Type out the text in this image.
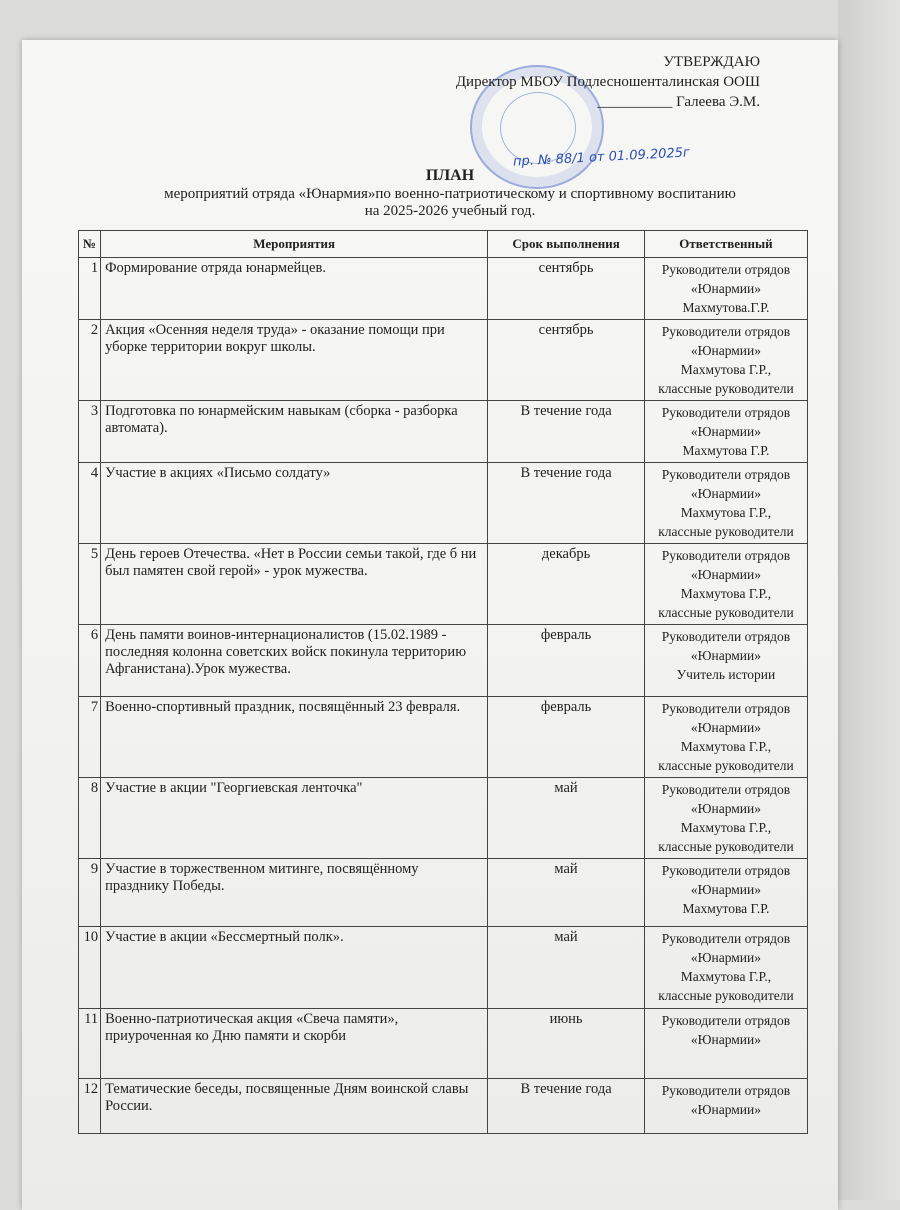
УТВЕРЖДАЮ
Директор МБОУ Подлесношенталинская ООШ
__________ Галеева Э.М.
пр. № 88/1 от 01.09.2025г
ПЛАН
мероприятий отряда «Юнармия»по военно-патриотическому и спортивному воспитанию
на 2025-2026 учебный год.
№	Мероприятия	Срок выполнения	Ответственный
1	Формирование отряда юнармейцев.	сентябрь	Руководители отрядов
«Юнармии»
Махмутова.Г.Р.

2	Акция «Осенняя неделя труда» - оказание помощи при уборке территории вокруг школы.	сентябрь	Руководители отрядов
«Юнармии»
Махмутова Г.Р.,
классные руководители

3	Подготовка по юнармейским навыкам (сборка - разборка автомата).	В течение года	Руководители отрядов
«Юнармии»
Махмутова Г.Р.

4	Участие в акциях «Письмо солдату»	В течение года	Руководители отрядов
«Юнармии»
Махмутова Г.Р.,
классные руководители

5	День героев Отечества. «Нет в России семьи такой, где б ни был памятен свой герой» - урок мужества.	декабрь	Руководители отрядов
«Юнармии»
Махмутова Г.Р.,
классные руководители

6	День памяти воинов-интернационалистов (15.02.1989 - последняя колонна советских войск покинула территорию Афганистана).Урок мужества.	февраль	Руководители отрядов
«Юнармии»
Учитель истории

7	Военно-спортивный праздник, посвящённый 23 февраля.	февраль	Руководители отрядов
«Юнармии»
Махмутова Г.Р.,
классные руководители

8	Участие в акции "Георгиевская ленточка"	май	Руководители отрядов
«Юнармии»
Махмутова Г.Р.,
классные руководители

9	Участие в торжественном митинге, посвящённому празднику Победы.	май	Руководители отрядов
«Юнармии»
Махмутова Г.Р.

10	Участие в акции «Бессмертный полк».	май	Руководители отрядов
«Юнармии»
Махмутова Г.Р.,
классные руководители

11	Военно-патриотическая акция «Свеча памяти», приуроченная ко Дню памяти и скорби	июнь	Руководители отрядов
«Юнармии»

12	Тематические беседы, посвященные Дням воинской славы России.	В течение года	Руководители отрядов
«Юнармии»
